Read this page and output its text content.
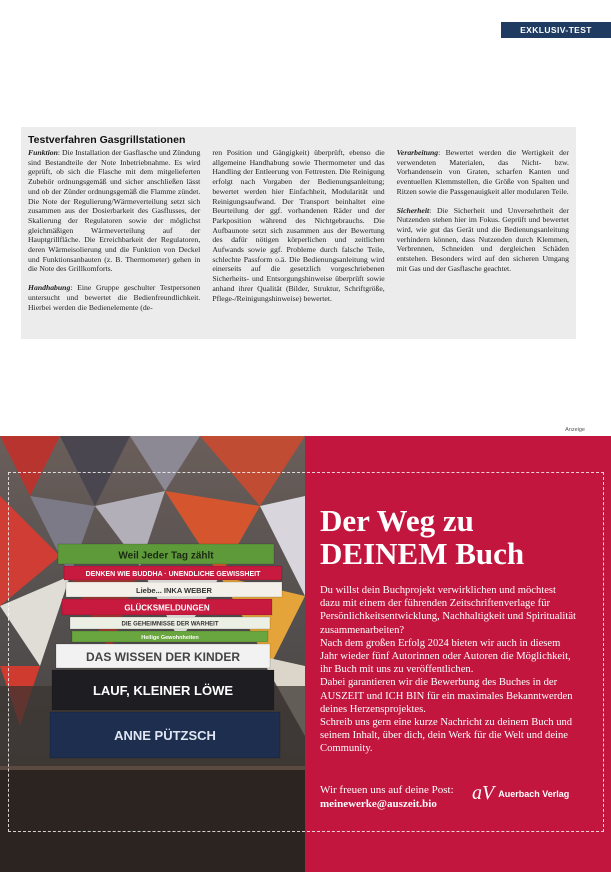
EXKLUSIV-TEST
Testverfahren Gasgrillstationen

Funktion: Die Installation der Gasflasche und Zündung sind Bestandteile der Note Inbetriebnahme. Es wird geprüft, ob sich die Flasche mit dem mitgelieferten Zubehör ordnungsgemäß und sicher anschließen lässt und ob der Zünder ordnungsgemäß die Flamme zündet. Die Note der Regulierung/Wärmeverteilung setzt sich zusammen aus der Dosierbarkeit des Gasflusses, der Skalierung der Regulatoren sowie der möglichst gleichmäßigen Wärmeverteilung auf der Hauptgrillfläche. Die Erreichbarkeit der Regulatoren, deren Wärmeisolierung und die Funktion von Deckel und Funktionsanbauten (z. B. Thermometer) gehen in die Note des Grillkomforts.

Handhabung: Eine Gruppe geschulter Testpersonen untersucht und bewertet die Bedienfreundlichkeit. Hierbei werden die Bedienelemente (de-

ren Position und Gängigkeit) überprüft, ebenso die allgemeine Handhabung sowie Thermometer und das Handling der Entleerung von Fettresten. Die Reinigung erfolgt nach Vorgaben der Bedienungsanleitung; bewertet werden hier Einfachheit, Modularität und Reinigungsaufwand. Der Transport beinhaltet eine Beurteilung der ggf. vorhandenen Räder und der Parkposition während des Nichtgebrauchs. Die Aufbaunote setzt sich zusammen aus der Bewertung des dafür nötigen körperlichen und zeitlichen Aufwands sowie ggf. Probleme durch falsche Teile, schlechte Passform o.ä. Die Bedienungsanleitung wird einerseits auf die gesetzlich vorgeschriebenen Sicherheits- und Entsorgungshinweise überprüft sowie anhand ihrer Qualität (Bilder, Struktur, Schriftgröße, Pflege-/Reinigungshinweise) bewertet.

Verarbeitung: Bewertet werden die Wertigkeit der verwendeten Materialen, das Nicht- bzw. Vorhandensein von Graten, scharfen Kanten und eventuellen Klemmstellen, die Größe von Spalten und Ritzen sowie die Passgenauigkeit aller modularen Teile.

Sicherheit: Die Sicherheit und Unversehrtheit der Nutzenden stehen hier im Fokus. Geprüft und bewertet wird, wie gut das Gerät und die Bedienungsanleitung verhindern können, dass Nutzenden durch Klemmen, Verbrennen, Schneiden und dergleichen Schäden entstehen. Besonders wird auf den sicheren Umgang mit Gas und der Gasflasche geachtet.

Anzeige
Weil Jeder Tag zählt
DENKEN WIE BUDDHA · UNENDLICHE GEWISSHEIT
Liebe... INKA WEBER
GLÜCKSMELDUNGEN
DIE GEHEIMNISSE DER WARHEIT
Heilige Gewohnheiten
DAS WISSEN DER KINDER
LAUF, KLEINER LÖWE
ANNE PÜTZSCH
Der Weg zu
DEINEM Buch

Du willst dein Buchprojekt verwirklichen und möchtest dazu mit einem der führenden Zeitschriftenverlage für Persönlichkeitsentwicklung, Nachhaltigkeit und Spiritualität zusammenarbeiten?

Nach dem großen Erfolg 2024 bieten wir auch in diesem Jahr wieder fünf Autorinnen oder Autoren die Möglichkeit, ihr Buch mit uns zu veröffentlichen.

Dabei garantieren wir die Bewerbung des Buches in der AUSZEIT und ICH BIN für ein maximales Bekanntwerden deines Herzensprojektes.

Schreib uns gern eine kurze Nachricht zu deinem Buch und seinem Inhalt, über dich, dein Werk für die Welt und deine Community.

Wir freuen uns auf deine Post:
meinewerke@auszeit.bio	aV Auerbach Verlag
